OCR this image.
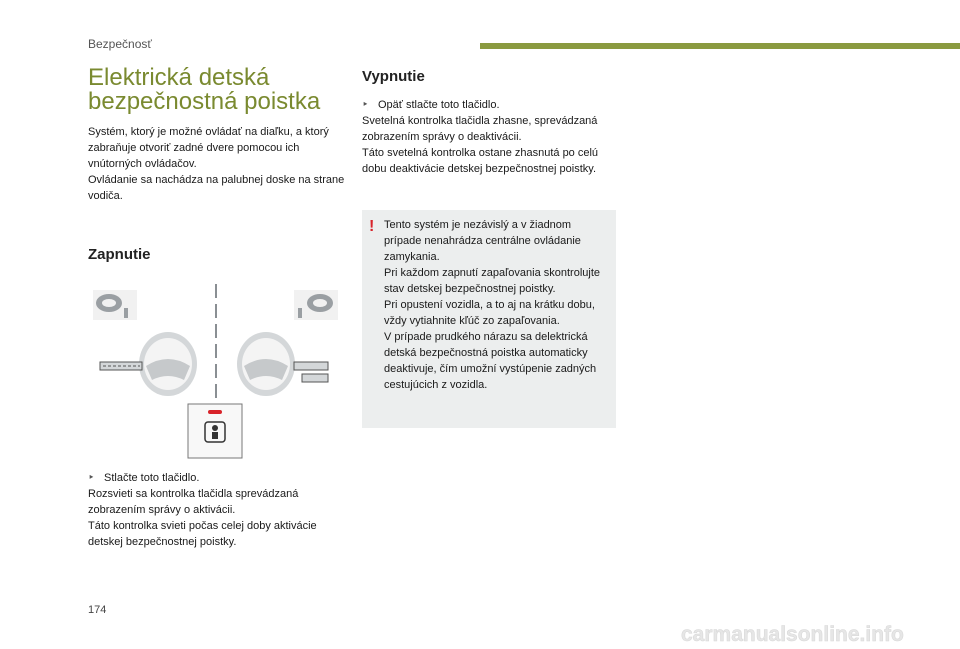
Bezpečnosť
Elektrická detská
bezpečnostná poistka

Systém, ktorý je možné ovládať na diaľku, a ktorý zabraňuje otvoriť zadné dvere pomocou ich vnútorných ovládačov.

Ovládanie sa nachádza na palubnej doske na strane vodiča.

Zapnutie

‣ Stlačte toto tlačidlo.

Rozsvieti sa kontrolka tlačidla sprevádzaná zobrazením správy o aktivácii.

Táto kontrolka svieti počas celej doby aktivácie detskej bezpečnostnej poistky.

Vypnutie

‣ Opäť stlačte toto tlačidlo.

Svetelná kontrolka tlačidla zhasne, sprevádzaná zobrazením správy o deaktivácii.

Táto svetelná kontrolka ostane zhasnutá po celú dobu deaktivácie detskej bezpečnostnej poistky.

! Tento systém je nezávislý a v žiadnom prípade nenahrádza centrálne ovládanie zamykania.

Pri každom zapnutí zapaľovania skontrolujte stav detskej bezpečnostnej poistky.

Pri opustení vozidla, a to aj na krátku dobu, vždy vytiahnite kľúč zo zapaľovania.

V prípade prudkého nárazu sa delektrická detská bezpečnostná poistka automaticky deaktivuje, čím umožní vystúpenie zadných cestujúcich z vozidla.

174
carmanualsonline.info
